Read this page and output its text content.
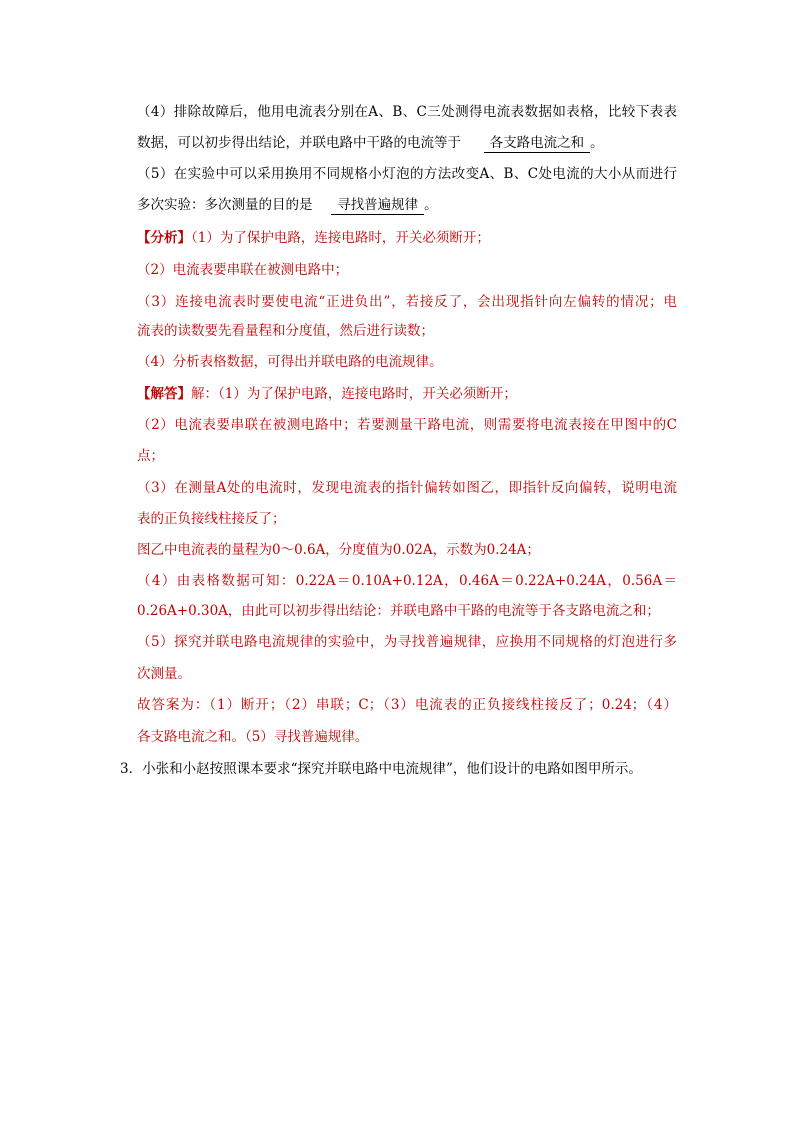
（4）排除故障后，他用电流表分别在A、B、C三处测得电流表数据如表格，比较下表表
数据，可以初步得出结论，并联电路中干路的电流等于 各支路电流之和 。
（5）在实验中可以采用换用不同规格小灯泡的方法改变A、B、C处电流的大小从而进行
多次实验：多次测量的目的是 寻找普遍规律 。
【分析】（1）为了保护电路，连接电路时，开关必须断开；
（2）电流表要串联在被测电路中；
（3）连接电流表时要使电流“正进负出”，若接反了，会出现指针向左偏转的情况；电
流表的读数要先看量程和分度值，然后进行读数；
（4）分析表格数据，可得出并联电路的电流规律。
【解答】解：（1）为了保护电路，连接电路时，开关必须断开；
（2）电流表要串联在被测电路中；若要测量干路电流，则需要将电流表接在甲图中的C
点；
（3）在测量A处的电流时，发现电流表的指针偏转如图乙，即指针反向偏转，说明电流
表的正负接线柱接反了；
图乙中电流表的量程为0～0.6A，分度值为0.02A，示数为0.24A；
（4）由表格数据可知：0.22A＝0.10A+0.12A，0.46A＝0.22A+0.24A，0.56A＝
0.26A+0.30A，由此可以初步得出结论：并联电路中干路的电流等于各支路电流之和；
（5）探究并联电路电流规律的实验中，为寻找普遍规律，应换用不同规格的灯泡进行多
次测量。
故答案为：（1）断开；（2）串联；C；（3）电流表的正负接线柱接反了；0.24；（4）
各支路电流之和。（5）寻找普遍规律。
3．小张和小赵按照课本要求“探究并联电路中电流规律”，他们设计的电路如图甲所示。
